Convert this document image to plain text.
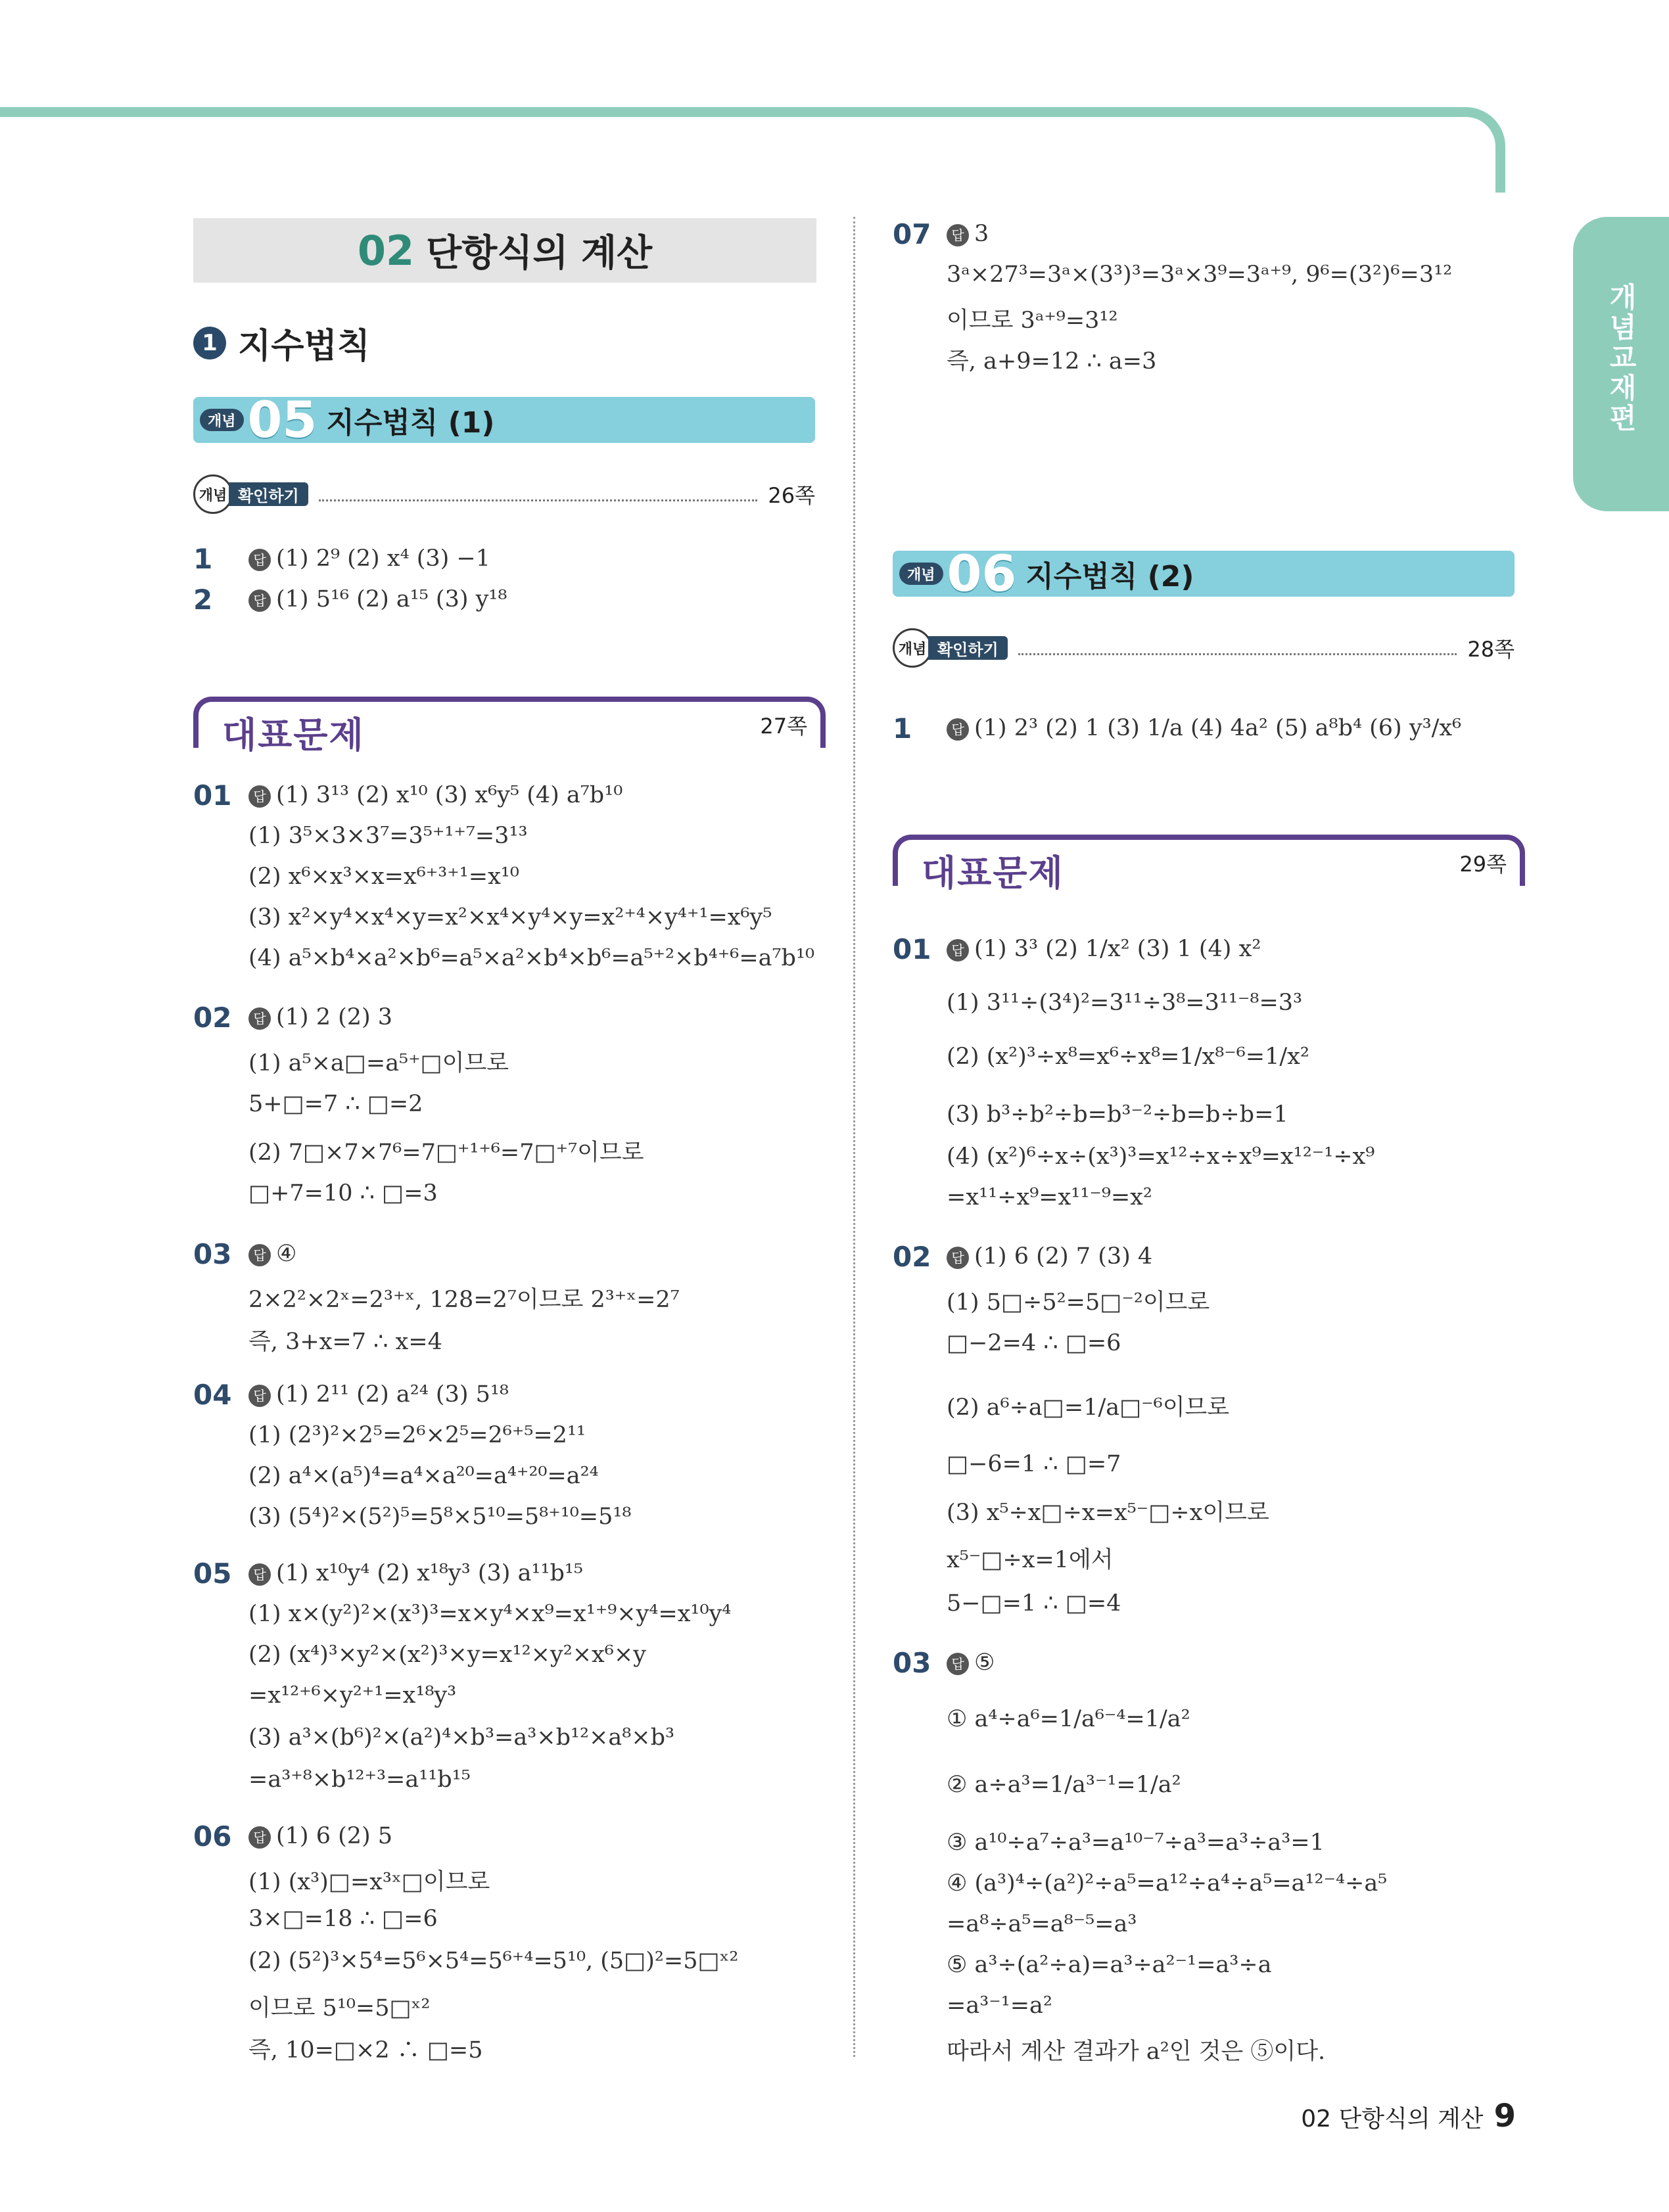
개념교재편
02 단항식의 계산
1 지수법칙
개념 05 지수법칙 (1)
개념 확인하기	26쪽
1	답 (1) 2⁹ (2) x⁴ (3) −1
2	답 (1) 5¹⁶ (2) a¹⁵ (3) y¹⁸
대표문제	27쪽
01	답 (1) 3¹³ (2) x¹⁰ (3) x⁶y⁵ (4) a⁷b¹⁰
(1) 3⁵×3×3⁷=3⁵⁺¹⁺⁷=3¹³
(2) x⁶×x³×x=x⁶⁺³⁺¹=x¹⁰
(3) x²×y⁴×x⁴×y=x²×x⁴×y⁴×y=x²⁺⁴×y⁴⁺¹=x⁶y⁵
(4) a⁵×b⁴×a²×b⁶=a⁵×a²×b⁴×b⁶=a⁵⁺²×b⁴⁺⁶=a⁷b¹⁰
02	답 (1) 2 (2) 3
(1) a⁵×a□=a⁵⁺□이므로
5+□=7 ∴ □=2
(2) 7□×7×7⁶=7□⁺¹⁺⁶=7□⁺⁷이므로
□+7=10 ∴ □=3
03	답 ④
2×2²×2ˣ=2³⁺ˣ, 128=2⁷이므로 2³⁺ˣ=2⁷
즉, 3+x=7 ∴ x=4
04	답 (1) 2¹¹ (2) a²⁴ (3) 5¹⁸
(1) (2³)²×2⁵=2⁶×2⁵=2⁶⁺⁵=2¹¹
(2) a⁴×(a⁵)⁴=a⁴×a²⁰=a⁴⁺²⁰=a²⁴
(3) (5⁴)²×(5²)⁵=5⁸×5¹⁰=5⁸⁺¹⁰=5¹⁸
05	답 (1) x¹⁰y⁴ (2) x¹⁸y³ (3) a¹¹b¹⁵
(1) x×(y²)²×(x³)³=x×y⁴×x⁹=x¹⁺⁹×y⁴=x¹⁰y⁴
(2) (x⁴)³×y²×(x²)³×y=x¹²×y²×x⁶×y
=x¹²⁺⁶×y²⁺¹=x¹⁸y³
(3) a³×(b⁶)²×(a²)⁴×b³=a³×b¹²×a⁸×b³
=a³⁺⁸×b¹²⁺³=a¹¹b¹⁵
06	답 (1) 6 (2) 5
(1) (x³)□=x³ˣ□이므로
3×□=18 ∴ □=6
(2) (5²)³×5⁴=5⁶×5⁴=5⁶⁺⁴=5¹⁰, (5□)²=5□ˣ²
이므로 5¹⁰=5□ˣ²
즉, 10=□×2 ∴ □=5
07	답 3
3ᵃ×27³=3ᵃ×(3³)³=3ᵃ×3⁹=3ᵃ⁺⁹, 9⁶=(3²)⁶=3¹²
이므로 3ᵃ⁺⁹=3¹²
즉, a+9=12 ∴ a=3
개념 06 지수법칙 (2)
개념 확인하기	28쪽
1	답 (1) 2³ (2) 1 (3) 1/a (4) 4a² (5) a⁸b⁴ (6) y³/x⁶
대표문제	29쪽
01	답 (1) 3³ (2) 1/x² (3) 1 (4) x²
(1) 3¹¹÷(3⁴)²=3¹¹÷3⁸=3¹¹⁻⁸=3³
(2) (x²)³÷x⁸=x⁶÷x⁸=1/x⁸⁻⁶=1/x²
(3) b³÷b²÷b=b³⁻²÷b=b÷b=1
(4) (x²)⁶÷x÷(x³)³=x¹²÷x÷x⁹=x¹²⁻¹÷x⁹
=x¹¹÷x⁹=x¹¹⁻⁹=x²
02	답 (1) 6 (2) 7 (3) 4
(1) 5□÷5²=5□⁻²이므로
□−2=4 ∴ □=6
(2) a⁶÷a□=1/a□⁻⁶이므로
□−6=1 ∴ □=7
(3) x⁵÷x□÷x=x⁵⁻□÷x이므로
x⁵⁻□÷x=1에서
5−□=1 ∴ □=4
03	답 ⑤
① a⁴÷a⁶=1/a⁶⁻⁴=1/a²
② a÷a³=1/a³⁻¹=1/a²
③ a¹⁰÷a⁷÷a³=a¹⁰⁻⁷÷a³=a³÷a³=1
④ (a³)⁴÷(a²)²÷a⁵=a¹²÷a⁴÷a⁵=a¹²⁻⁴÷a⁵
=a⁸÷a⁵=a⁸⁻⁵=a³
⑤ a³÷(a²÷a)=a³÷a²⁻¹=a³÷a
=a³⁻¹=a²
따라서 계산 결과가 a²인 것은 ⑤이다.
02 단항식의 계산 9
